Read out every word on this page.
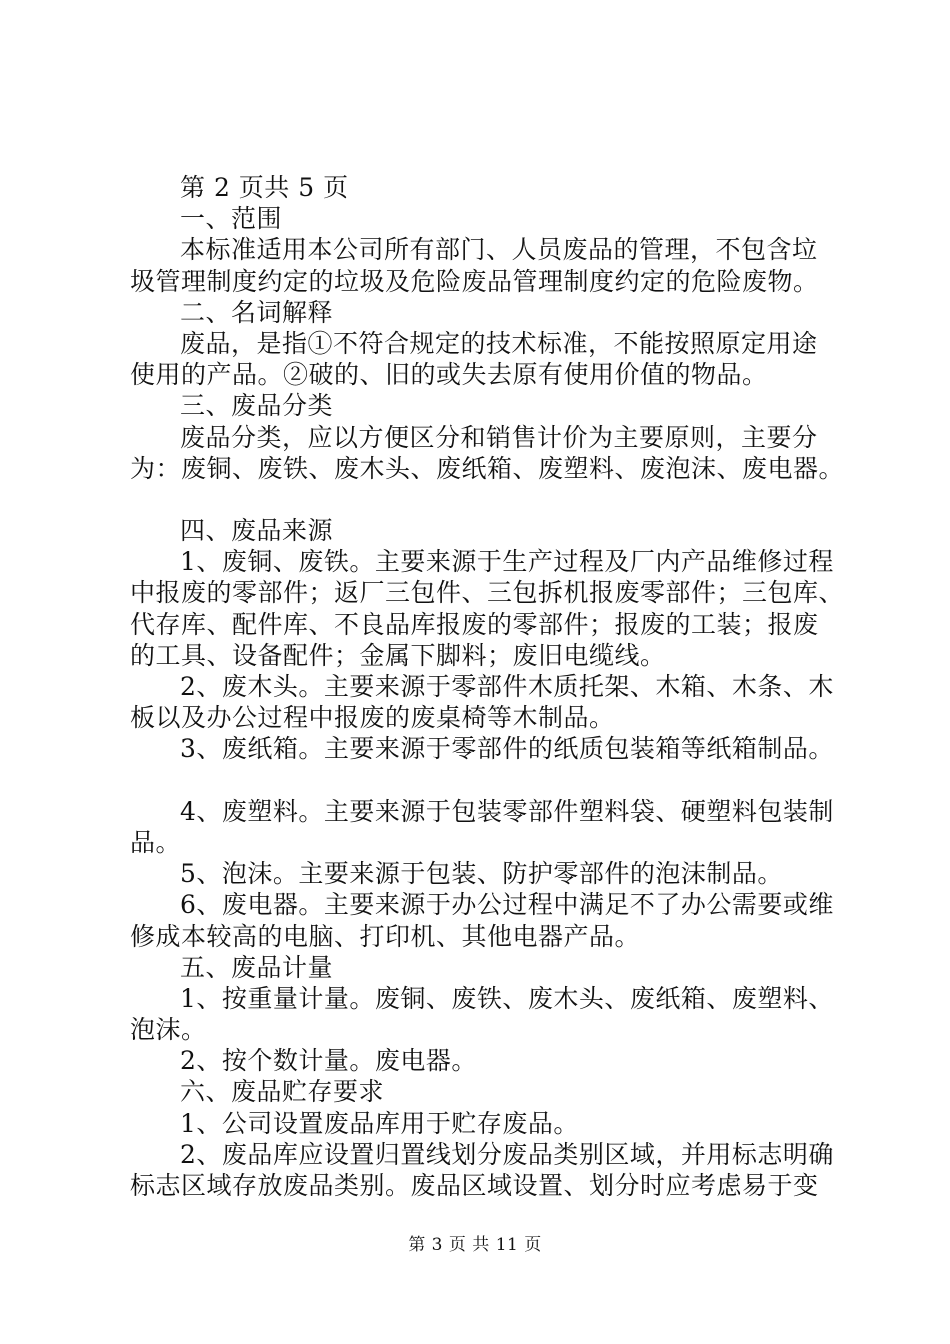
第 2 页共 5 页
一、范围
本标准适用本公司所有部门、人员废品的管理，不包含垃
圾管理制度约定的垃圾及危险废品管理制度约定的危险废物。
二、名词解释
废品，是指①不符合规定的技术标准，不能按照原定用途
使用的产品。②破的、旧的或失去原有使用价值的物品。
三、废品分类
废品分类，应以方便区分和销售计价为主要原则，主要分
为：废铜、废铁、废木头、废纸箱、废塑料、废泡沫、废电器。
四、废品来源
1、废铜、废铁。主要来源于生产过程及厂内产品维修过程
中报废的零部件；返厂三包件、三包拆机报废零部件；三包库、
代存库、配件库、不良品库报废的零部件；报废的工装；报废
的工具、设备配件；金属下脚料；废旧电缆线。
2、废木头。主要来源于零部件木质托架、木箱、木条、木
板以及办公过程中报废的废桌椅等木制品。
3、废纸箱。主要来源于零部件的纸质包装箱等纸箱制品。
4、废塑料。主要来源于包装零部件塑料袋、硬塑料包装制
品。
5、泡沫。主要来源于包装、防护零部件的泡沫制品。
6、废电器。主要来源于办公过程中满足不了办公需要或维
修成本较高的电脑、打印机、其他电器产品。
五、废品计量
1、按重量计量。废铜、废铁、废木头、废纸箱、废塑料、
泡沫。
2、按个数计量。废电器。
六、废品贮存要求
1、公司设置废品库用于贮存废品。
2、废品库应设置归置线划分废品类别区域，并用标志明确
标志区域存放废品类别。废品区域设置、划分时应考虑易于变
第 3 页 共 11 页
